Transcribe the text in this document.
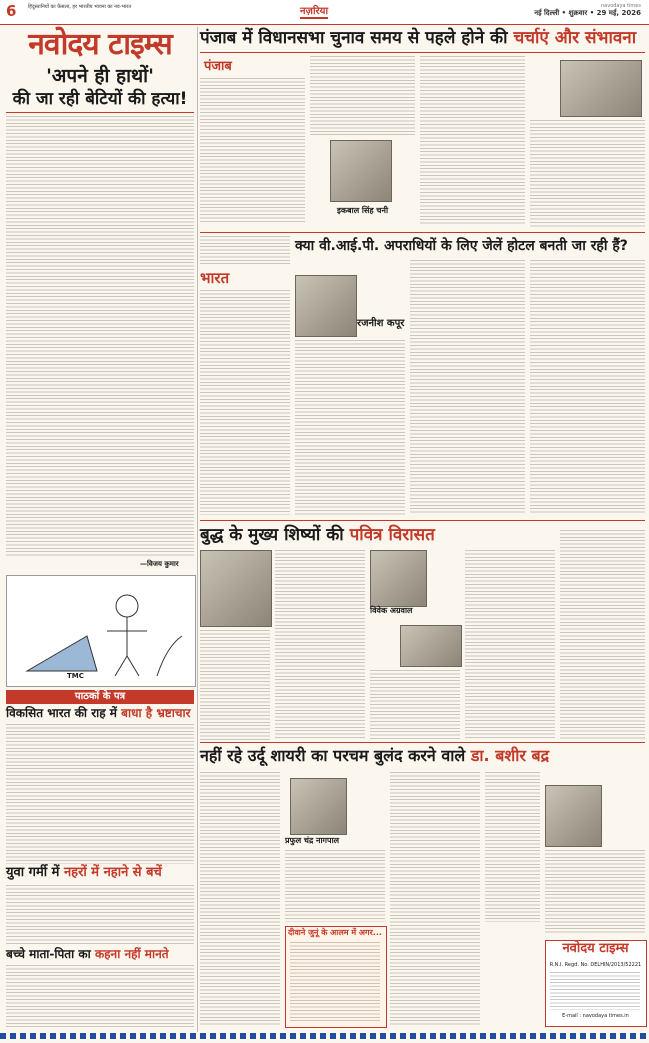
6 हिंदुस्तानियों का फ़ैसला, हर भारतीय भावना का नव-भारत	नज़रिया	navodaya times
नई दिल्ली • शुक्रवार • 29 मई, 2026
नवोदय टाइम्स
'अपने ही हाथों'
की जा रही बेटियों की हत्या!
—विजय कुमार
TMC
पाठकों के पत्र
विकसित भारत की राह में बाधा है भ्रष्टाचार
युवा गर्मी में नहरों में नहाने से बचें
बच्चे माता-पिता का कहना नहीं मानते
पंजाब में विधानसभा चुनाव समय से पहले होने की चर्चाएं और संभावना
पंजाब
इकबाल सिंह चनी
भारत
क्या वी.आई.पी. अपराधियों के लिए जेलें होटल बनती जा रही हैं?
रजनीश कपूर
बुद्ध के मुख्य शिष्यों की पवित्र विरासत
विवेक अग्रवाल
नहीं रहे उर्दू शायरी का परचम बुलंद करने वाले डा. बशीर बद्र
प्रफुल चंद्र नागपाल
दीवाने जुनूं के आलम में अगर...
नवोदय टाइम्स
R.N.I. Regd. No. DELHIN/2013/52221
E-mail : navodaya times.in
